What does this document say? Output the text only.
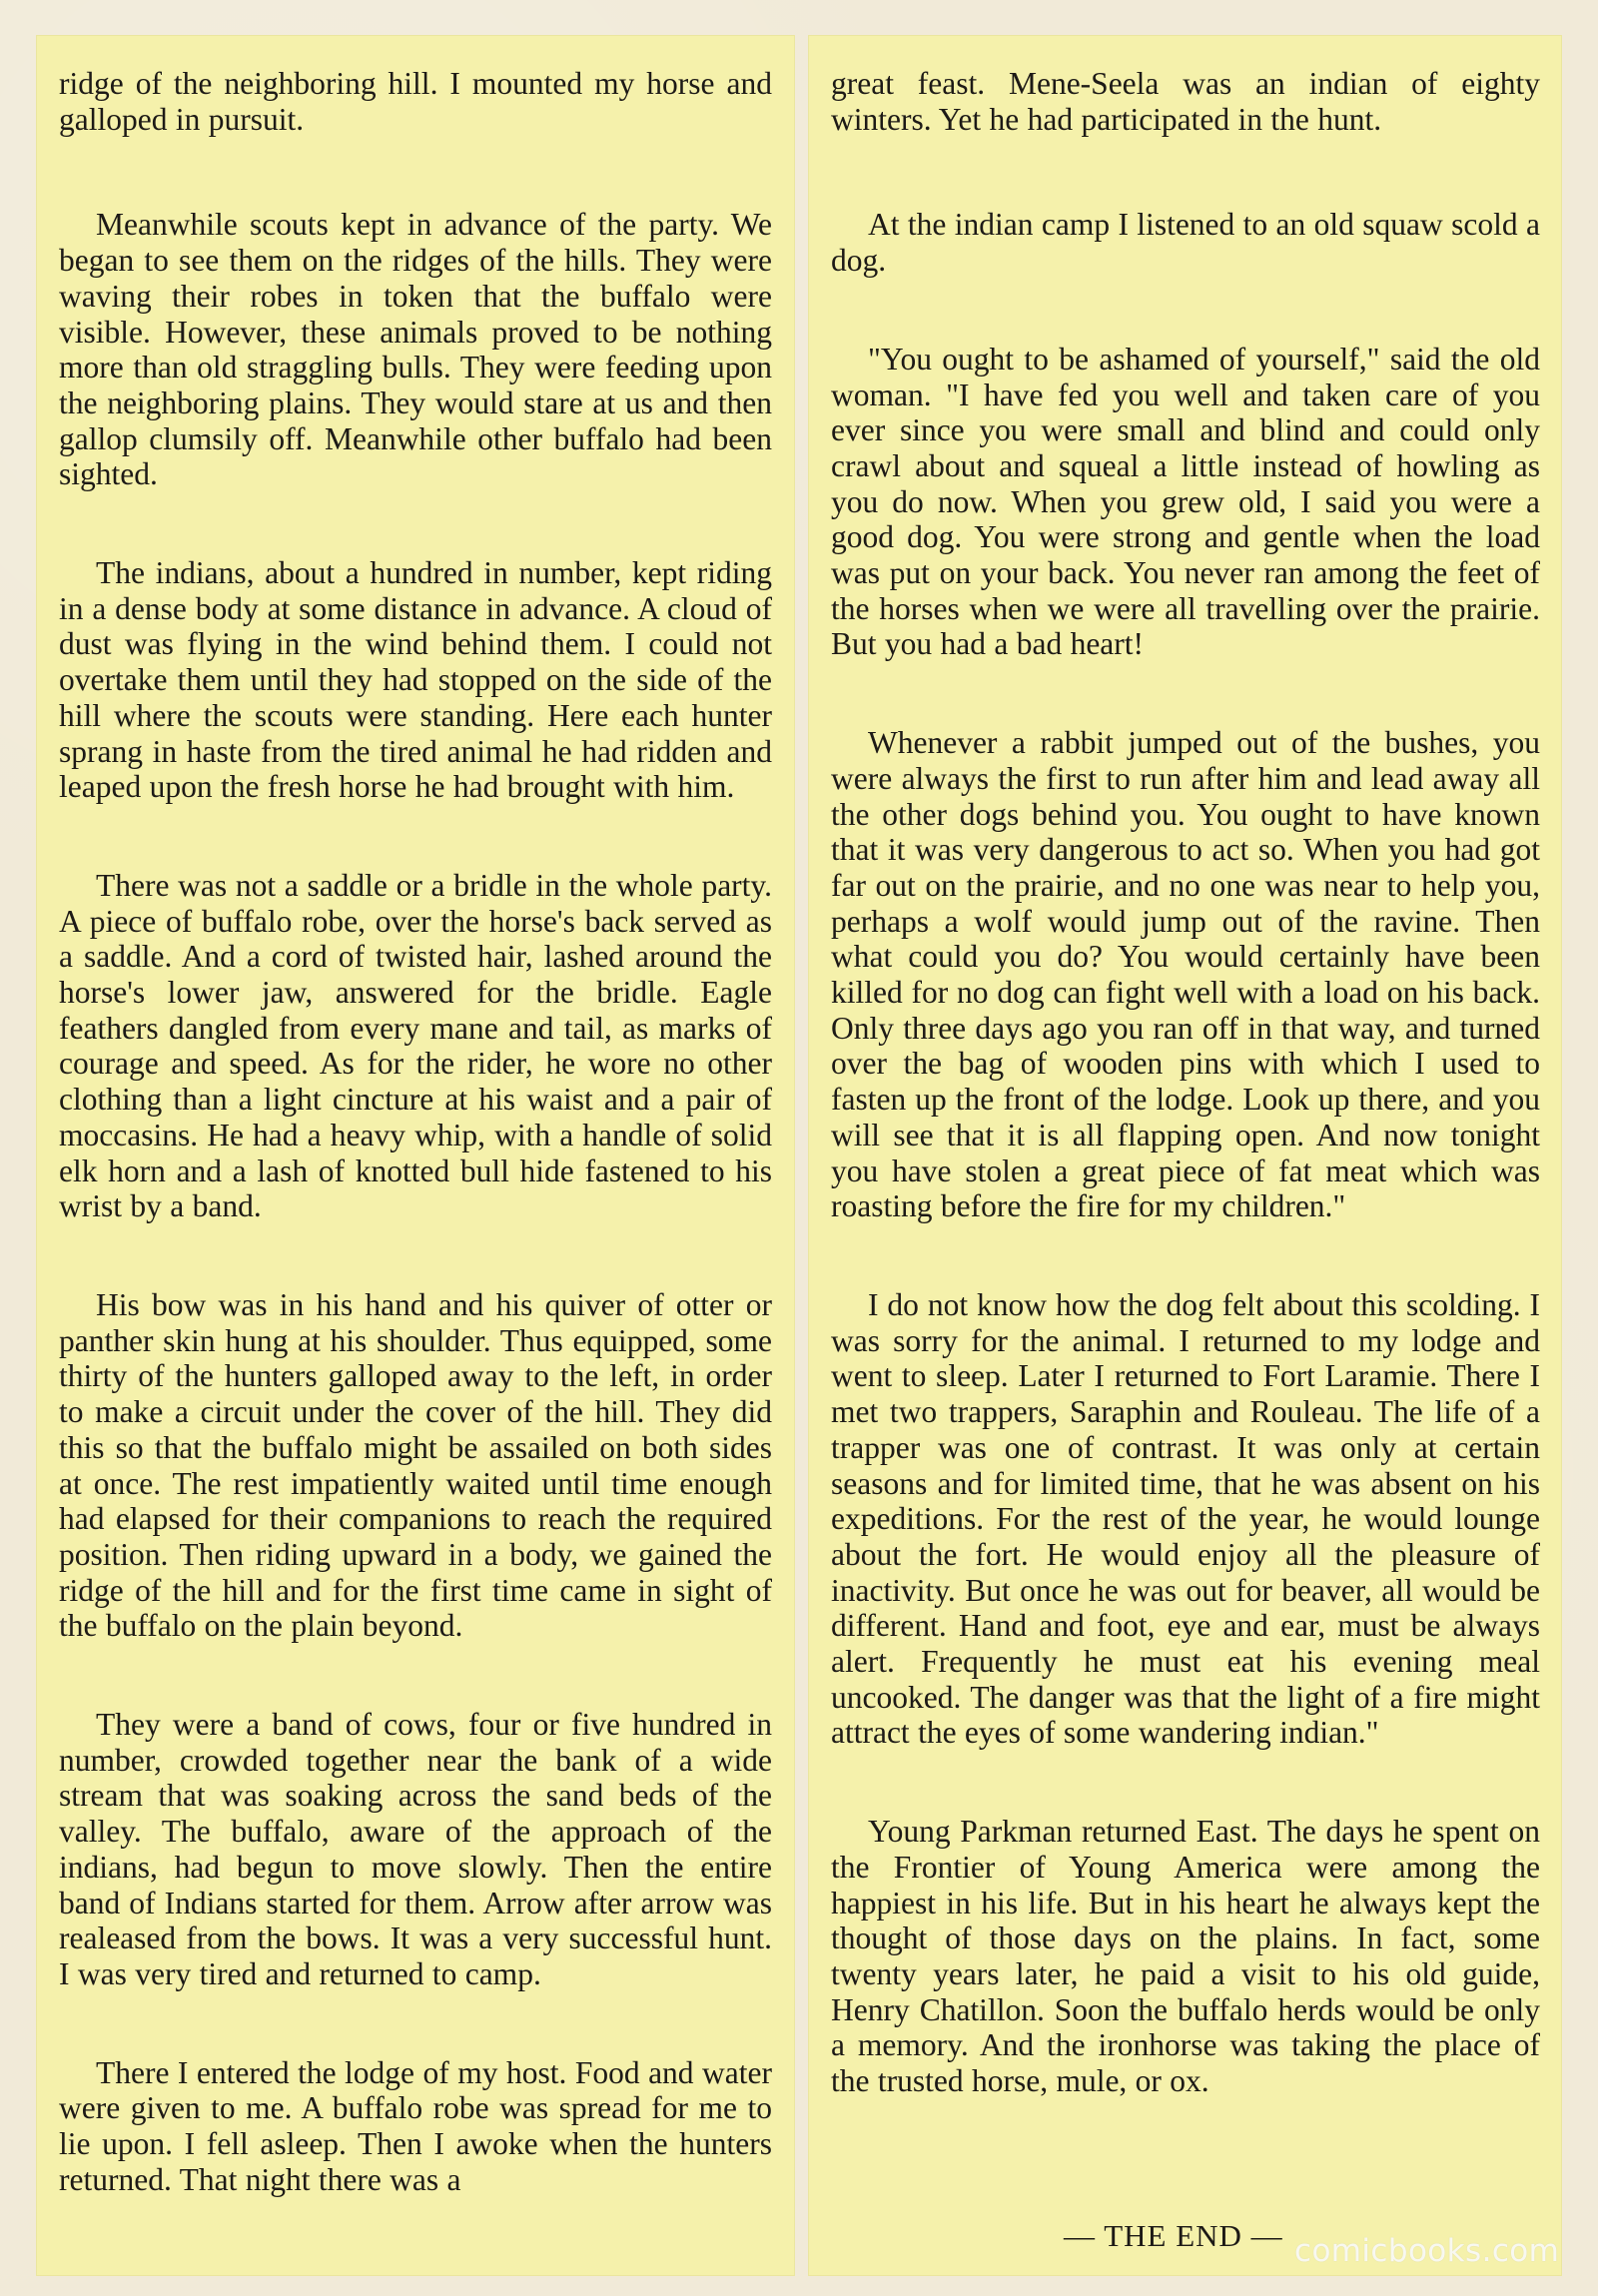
ridge of the neighboring hill. I mounted my horse and galloped in pursuit.

Meanwhile scouts kept in advance of the party. We began to see them on the ridges of the hills. They were waving their robes in token that the buffalo were visible. However, these animals proved to be nothing more than old straggling bulls. They were feeding upon the neighboring plains. They would stare at us and then gallop clumsily off. Meanwhile other buffalo had been sighted.

The indians, about a hundred in number, kept riding in a dense body at some distance in advance. A cloud of dust was flying in the wind behind them. I could not overtake them until they had stopped on the side of the hill where the scouts were standing. Here each hunter sprang in haste from the tired animal he had ridden and leaped upon the fresh horse he had brought with him.

There was not a saddle or a bridle in the whole party. A piece of buffalo robe, over the horse's back served as a saddle. And a cord of twisted hair, lashed around the horse's lower jaw, answered for the bridle. Eagle feathers dangled from every mane and tail, as marks of courage and speed. As for the rider, he wore no other clothing than a light cincture at his waist and a pair of moccasins. He had a heavy whip, with a handle of solid elk horn and a lash of knotted bull hide fastened to his wrist by a band.

His bow was in his hand and his quiver of otter or panther skin hung at his shoulder. Thus equipped, some thirty of the hunters galloped away to the left, in order to make a circuit under the cover of the hill. They did this so that the buffalo might be assailed on both sides at once. The rest impatiently waited until time enough had elapsed for their companions to reach the required position. Then riding upward in a body, we gained the ridge of the hill and for the first time came in sight of the buffalo on the plain beyond.

They were a band of cows, four or five hundred in number, crowded together near the bank of a wide stream that was soaking across the sand beds of the valley. The buffalo, aware of the approach of the indians, had begun to move slowly. Then the entire band of Indians started for them. Arrow after arrow was realeased from the bows. It was a very successful hunt. I was very tired and returned to camp.

There I entered the lodge of my host. Food and water were given to me. A buffalo robe was spread for me to lie upon. I fell asleep. Then I awoke when the hunters returned. That night there was a

great feast. Mene-Seela was an indian of eighty winters. Yet he had participated in the hunt.

At the indian camp I listened to an old squaw scold a dog.

"You ought to be ashamed of yourself," said the old woman. "I have fed you well and taken care of you ever since you were small and blind and could only crawl about and squeal a little instead of howling as you do now. When you grew old, I said you were a good dog. You were strong and gentle when the load was put on your back. You never ran among the feet of the horses when we were all travelling over the prairie. But you had a bad heart!

Whenever a rabbit jumped out of the bushes, you were always the first to run after him and lead away all the other dogs behind you. You ought to have known that it was very dangerous to act so. When you had got far out on the prairie, and no one was near to help you, perhaps a wolf would jump out of the ravine. Then what could you do? You would certainly have been killed for no dog can fight well with a load on his back. Only three days ago you ran off in that way, and turned over the bag of wooden pins with which I used to fasten up the front of the lodge. Look up there, and you will see that it is all flapping open. And now tonight you have stolen a great piece of fat meat which was roasting before the fire for my children."

I do not know how the dog felt about this scolding. I was sorry for the animal. I returned to my lodge and went to sleep. Later I returned to Fort Laramie. There I met two trappers, Saraphin and Rouleau. The life of a trapper was one of contrast. It was only at certain seasons and for limited time, that he was absent on his expeditions. For the rest of the year, he would lounge about the fort. He would enjoy all the pleasure of inactivity. But once he was out for beaver, all would be different. Hand and foot, eye and ear, must be always alert. Frequently he must eat his evening meal uncooked. The danger was that the light of a fire might attract the eyes of some wandering indian."

Young Parkman returned East. The days he spent on the Frontier of Young America were among the happiest in his life. But in his heart he always kept the thought of those days on the plains. In fact, some twenty years later, he paid a visit to his old guide, Henry Chatillon. Soon the buffalo herds would be only a memory. And the ironhorse was taking the place of the trusted horse, mule, or ox.

— THE END — comicbooks.com
